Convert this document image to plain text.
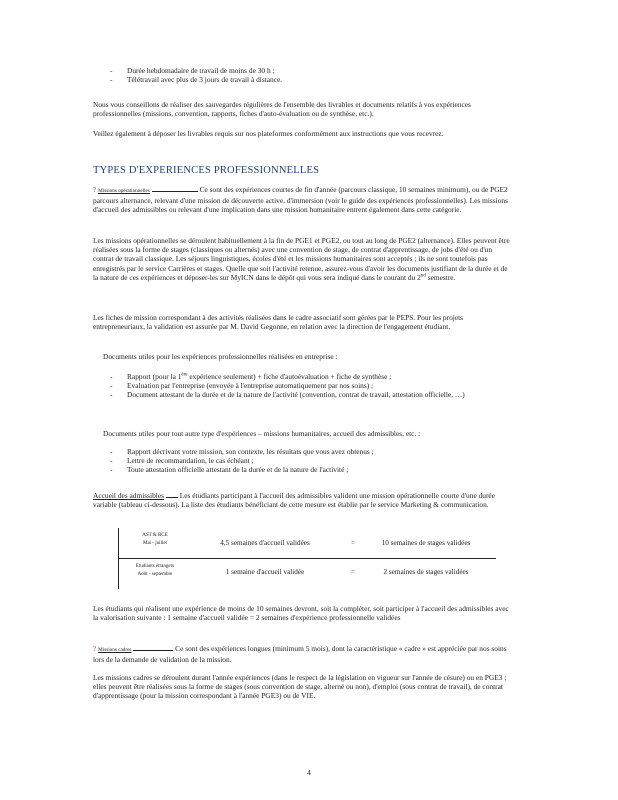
- Durée hebdomadaire de travail de moins de 30 h ;
- Télétravail avec plus de 3 jours de travail à distance.

Nous vous conseillons de réaliser des sauvegardes régulières de l'ensemble des livrables et documents relatifs à vos expériences professionnelles (missions, convention, rapports, fiches d'auto-évaluation ou de synthèse, etc.).

Veillez également à déposer les livrables requis sur nos plateformes conformément aux instructions que vous recevrez.

TYPES D'EXPERIENCES PROFESSIONNELLES

? Missions opérationnelles	Ce sont des expériences courtes de fin d'année (parcours classique, 10 semaines minimum), ou de PGE2 parcours alternance, relevant d'une mission de découverte active, d'immersion (voir le guide des expériences professionnelles). Les missions d'accueil des admissibles ou relevant d'une implication dans une mission humanitaire entrent également dans cette catégorie.

Les missions opérationnelles se déroulent habituellement à la fin de PGE1 et PGE2, ou tout au long de PGE2 (alternance). Elles peuvent être réalisées sous la forme de stages (classiques ou alternés) avec une convention de stage, de contrat d'apprentissage, de jobs d'été ou d'un contrat de travail classique. Les séjours linguistiques, écoles d'été et les missions humanitaires sont acceptés ; ils ne sont toutefois pas enregistrés par le service Carrières et stages. Quelle que soit l'activité retenue, assurez-vous d'avoir les documents justifiant de la durée et de la nature de ces expériences et déposer-les sur MyICN dans le dépôt qui vous sera indiqué dans le courant du 2nd semestre.

Les fiches de mission correspondant à des activités réalisées dans le cadre associatif sont gérées par le PEPS. Pour les projets entrepreneuriaux, la validation est assurée par M. David Gegonne, en relation avec la direction de l'engagement étudiant.

Documents utiles pour les expériences professionnelles réalisées en entreprise :

- Rapport (pour la 1ère expérience seulement) + fiche d'autoévaluation + fiche de synthèse ;
- Evaluation par l'entreprise (envoyée à l'entreprise automatiquement par nos soins) ;
- Document attestant de la durée et de la nature de l'activité (convention, contrat de travail, attestation officielle, …)

Documents utiles pour tout autre type d'expériences – missions humanitaires, accueil des admissibles, etc. :

- Rapport décrivant votre mission, son contexte, les résultats que vous avez obtenus ;
- Lettre de recommandation, le cas échéant ;
- Toute attestation officielle attestant de la durée et de la nature de l'activité ;

Accueil des admissibles Les étudiants participant à l'accueil des admissibles valident une mission opérationnelle courte d'une durée variable (tableau ci-dessous). La liste des étudiants bénéficiant de cette mesure est établie par le service Marketing & communication.

AST & BCE
Mai - juillet	4,5 semaines d'accueil validées	=	10 semaines de stages validées
Etudiants étrangers
Août - septembre	1 semaine d'accueil validée	=	2 semaines de stages validées

Les étudiants qui réalisent une expérience de moins de 10 semaines devront, soit la compléter, soit participer à l'accueil des admissibles avec la valorisation suivante : 1 semaine d'accueil validée = 2 semaines d'expérience professionnelle validées

? Missions cadres	Ce sont des expériences longues (minimum 5 mois), dont la caractéristique « cadre » est appréciée par nos soins lors de la demande de validation de la mission.

Les missions cadres se déroulent durant l'année expériences (dans le respect de la législation en vigueur sur l'année de césure) ou en PGE3 ; elles peuvent être réalisées sous la forme de stages (sous convention de stage, alterné ou non), d'emploi (sous contrat de travail), de contrat d'apprentissage (pour la mission correspondant à l'année PGE3) ou de VIE.

4
